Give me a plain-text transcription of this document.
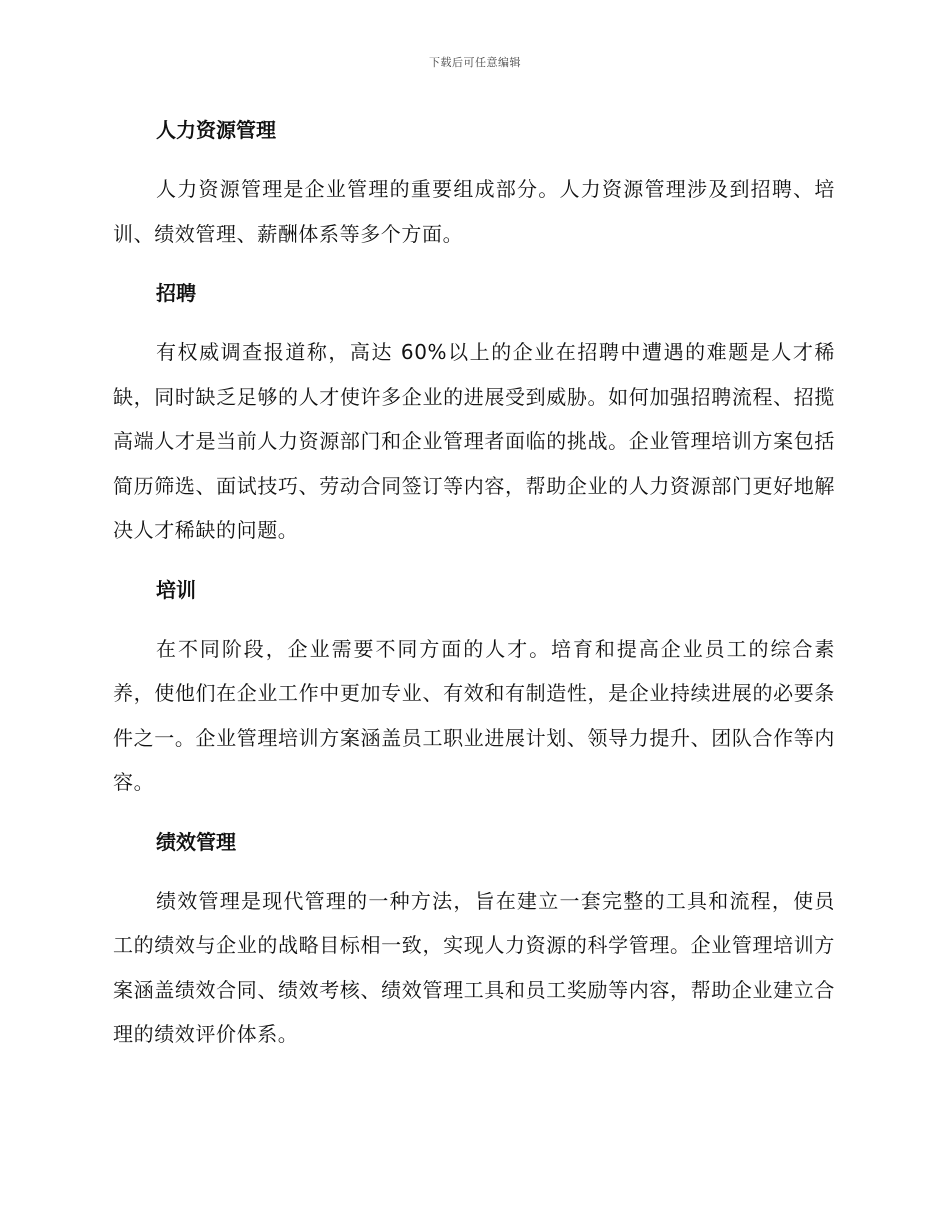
下载后可任意编辑
人力资源管理

人力资源管理是企业管理的重要组成部分。人力资源管理涉及到招聘、培训、绩效管理、薪酬体系等多个方面。

招聘

有权威调查报道称，高达 60%以上的企业在招聘中遭遇的难题是人才稀缺，同时缺乏足够的人才使许多企业的进展受到威胁。如何加强招聘流程、招揽高端人才是当前人力资源部门和企业管理者面临的挑战。企业管理培训方案包括简历筛选、面试技巧、劳动合同签订等内容，帮助企业的人力资源部门更好地解决人才稀缺的问题。

培训

在不同阶段，企业需要不同方面的人才。培育和提高企业员工的综合素养，使他们在企业工作中更加专业、有效和有制造性，是企业持续进展的必要条件之一。企业管理培训方案涵盖员工职业进展计划、领导力提升、团队合作等内容。

绩效管理

绩效管理是现代管理的一种方法，旨在建立一套完整的工具和流程，使员工的绩效与企业的战略目标相一致，实现人力资源的科学管理。企业管理培训方案涵盖绩效合同、绩效考核、绩效管理工具和员工奖励等内容，帮助企业建立合理的绩效评价体系。
